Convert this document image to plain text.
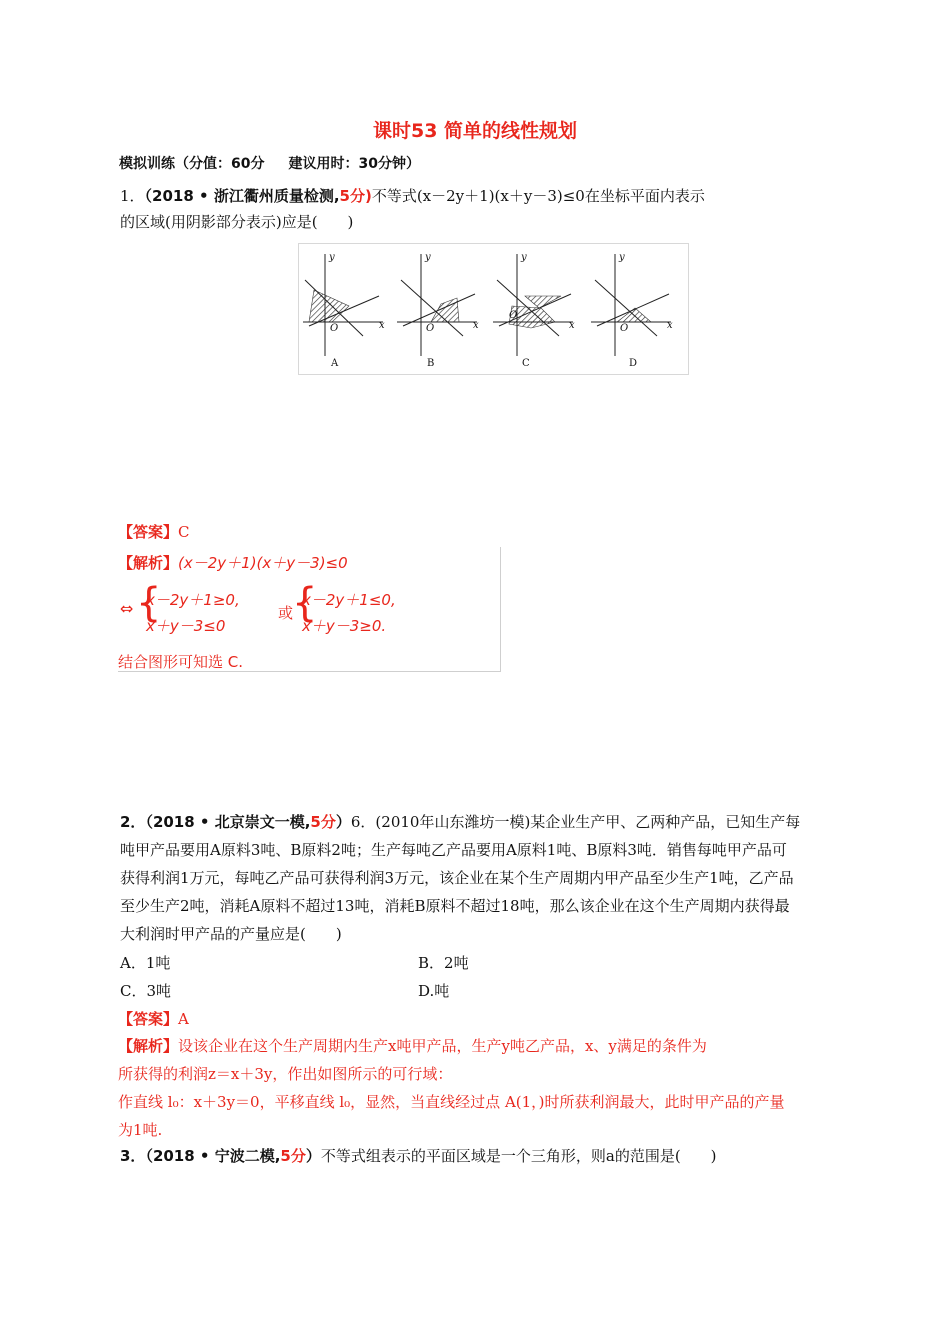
课时53 简单的线性规划
模拟训练（分值：60分 建议用时：30分钟）
1．（2018 • 浙江衢州质量检测,5分)不等式(x－2y＋1)(x＋y－3)≤0在坐标平面内表示
的区域(用阴影部分表示)应是(　　)
y	y	y	y
x	x	x	x
O	O
O
O
A	B	C	D
【答案】C
【解析】(x－2y＋1)(x＋y－3)≤0
⇔ {
x－2y＋1≥0,
x＋y－3≤0
或
{
x－2y＋1≤0,
x＋y－3≥0.
结合图形可知选 C.
2．（2018 • 北京崇文一模,5分）6．(2010年山东潍坊一模)某企业生产甲、乙两种产品，已知生产每
吨甲产品要用A原料3吨、B原料2吨；生产每吨乙产品要用A原料1吨、B原料3吨．销售每吨甲产品可
获得利润1万元，每吨乙产品可获得利润3万元，该企业在某个生产周期内甲产品至少生产1吨，乙产品
至少生产2吨，消耗A原料不超过13吨，消耗B原料不超过18吨，那么该企业在这个生产周期内获得最
大利润时甲产品的产量应是(　　)
A．1吨	B．2吨
C．3吨	D.吨
【答案】A
【解析】设该企业在这个生产周期内生产x吨甲产品，生产y吨乙产品，x、y满足的条件为
所获得的利润z＝x＋3y，作出如图所示的可行域：
作直线 l₀：x＋3y＝0，平移直线 l₀，显然，当直线经过点 A(1，)时所获利润最大，此时甲产品的产量
为1吨.
3．（2018 • 宁波二模,5分）不等式组表示的平面区域是一个三角形，则a的范围是(　　)
